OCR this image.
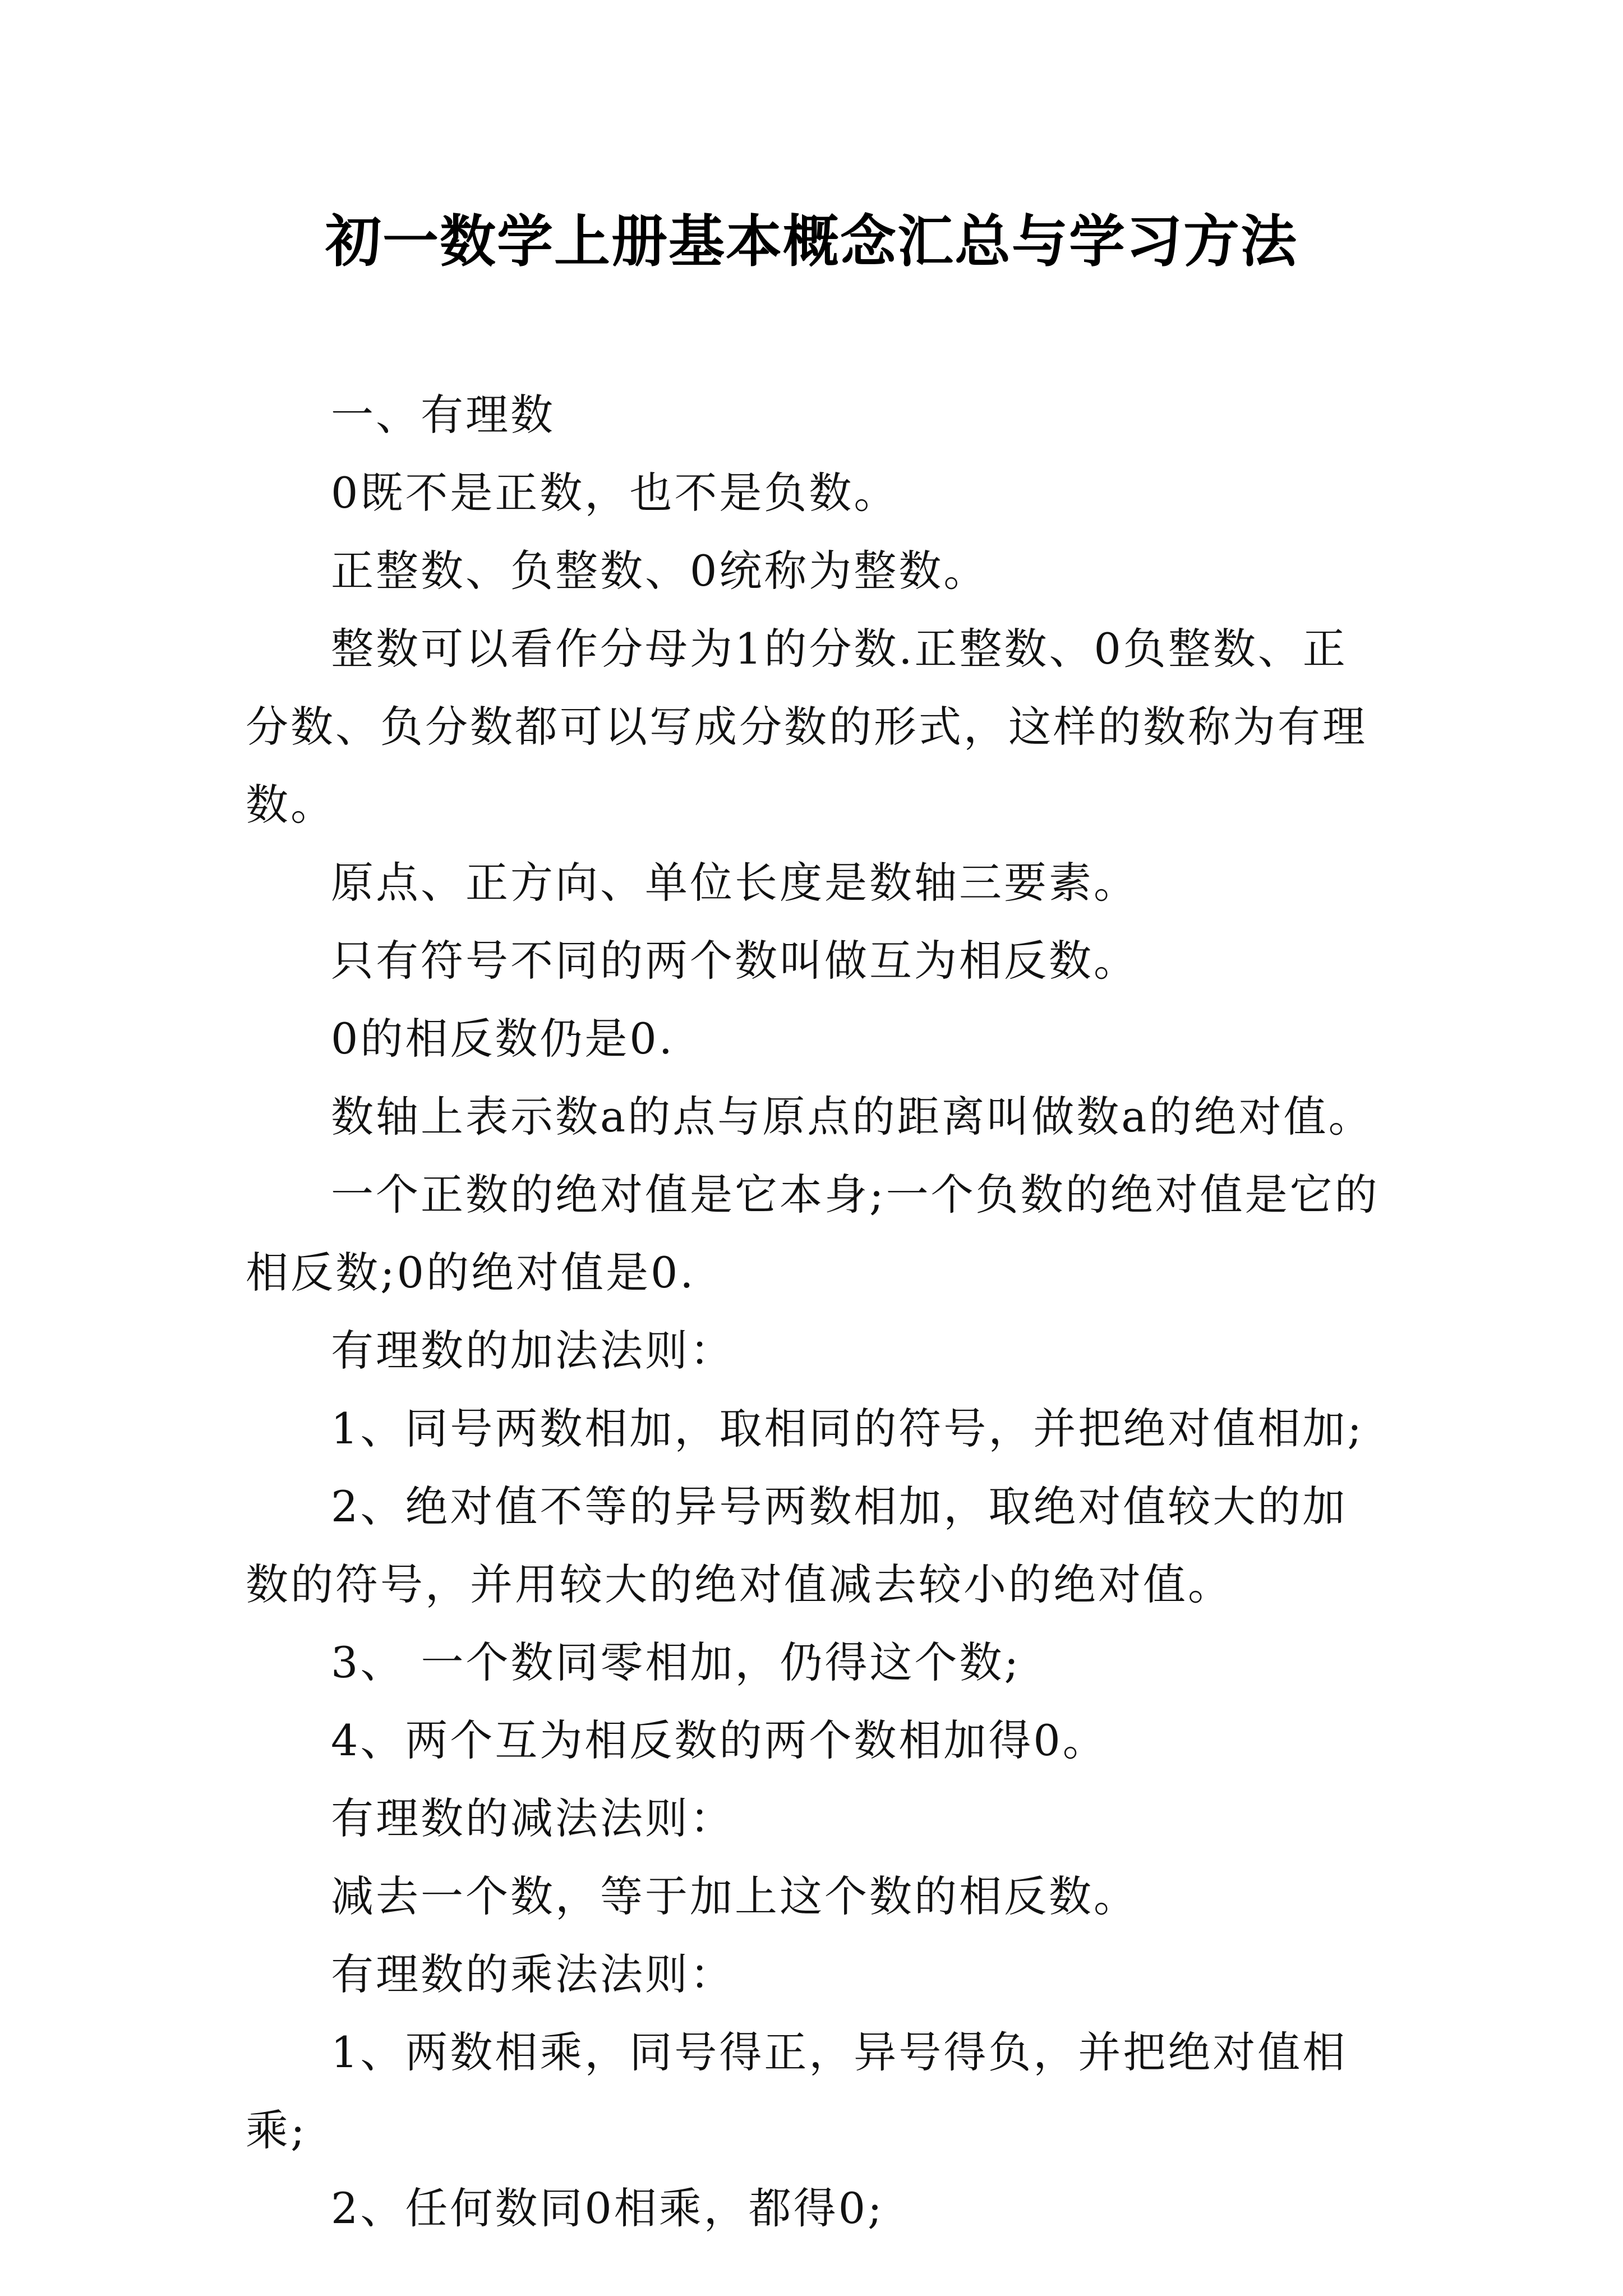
初一数学上册基本概念汇总与学习方法

一、有理数

0既不是正数，也不是负数。

正整数、负整数、0统称为整数。

整数可以看作分母为1的分数.正整数、0负整数、正分数、负分数都可以写成分数的形式，这样的数称为有理数。

原点、正方向、单位长度是数轴三要素。

只有符号不同的两个数叫做互为相反数。

0的相反数仍是0.

数轴上表示数a的点与原点的距离叫做数a的绝对值。

一个正数的绝对值是它本身;一个负数的绝对值是它的相反数;0的绝对值是0.

有理数的加法法则：

1、同号两数相加，取相同的符号，并把绝对值相加;

2、绝对值不等的异号两数相加，取绝对值较大的加数的符号，并用较大的绝对值减去较小的绝对值。

3、 一个数同零相加，仍得这个数;

4、两个互为相反数的两个数相加得0。

有理数的减法法则：

减去一个数，等于加上这个数的相反数。

有理数的乘法法则：

1、两数相乘，同号得正，异号得负，并把绝对值相乘;

2、任何数同0相乘，都得0;
